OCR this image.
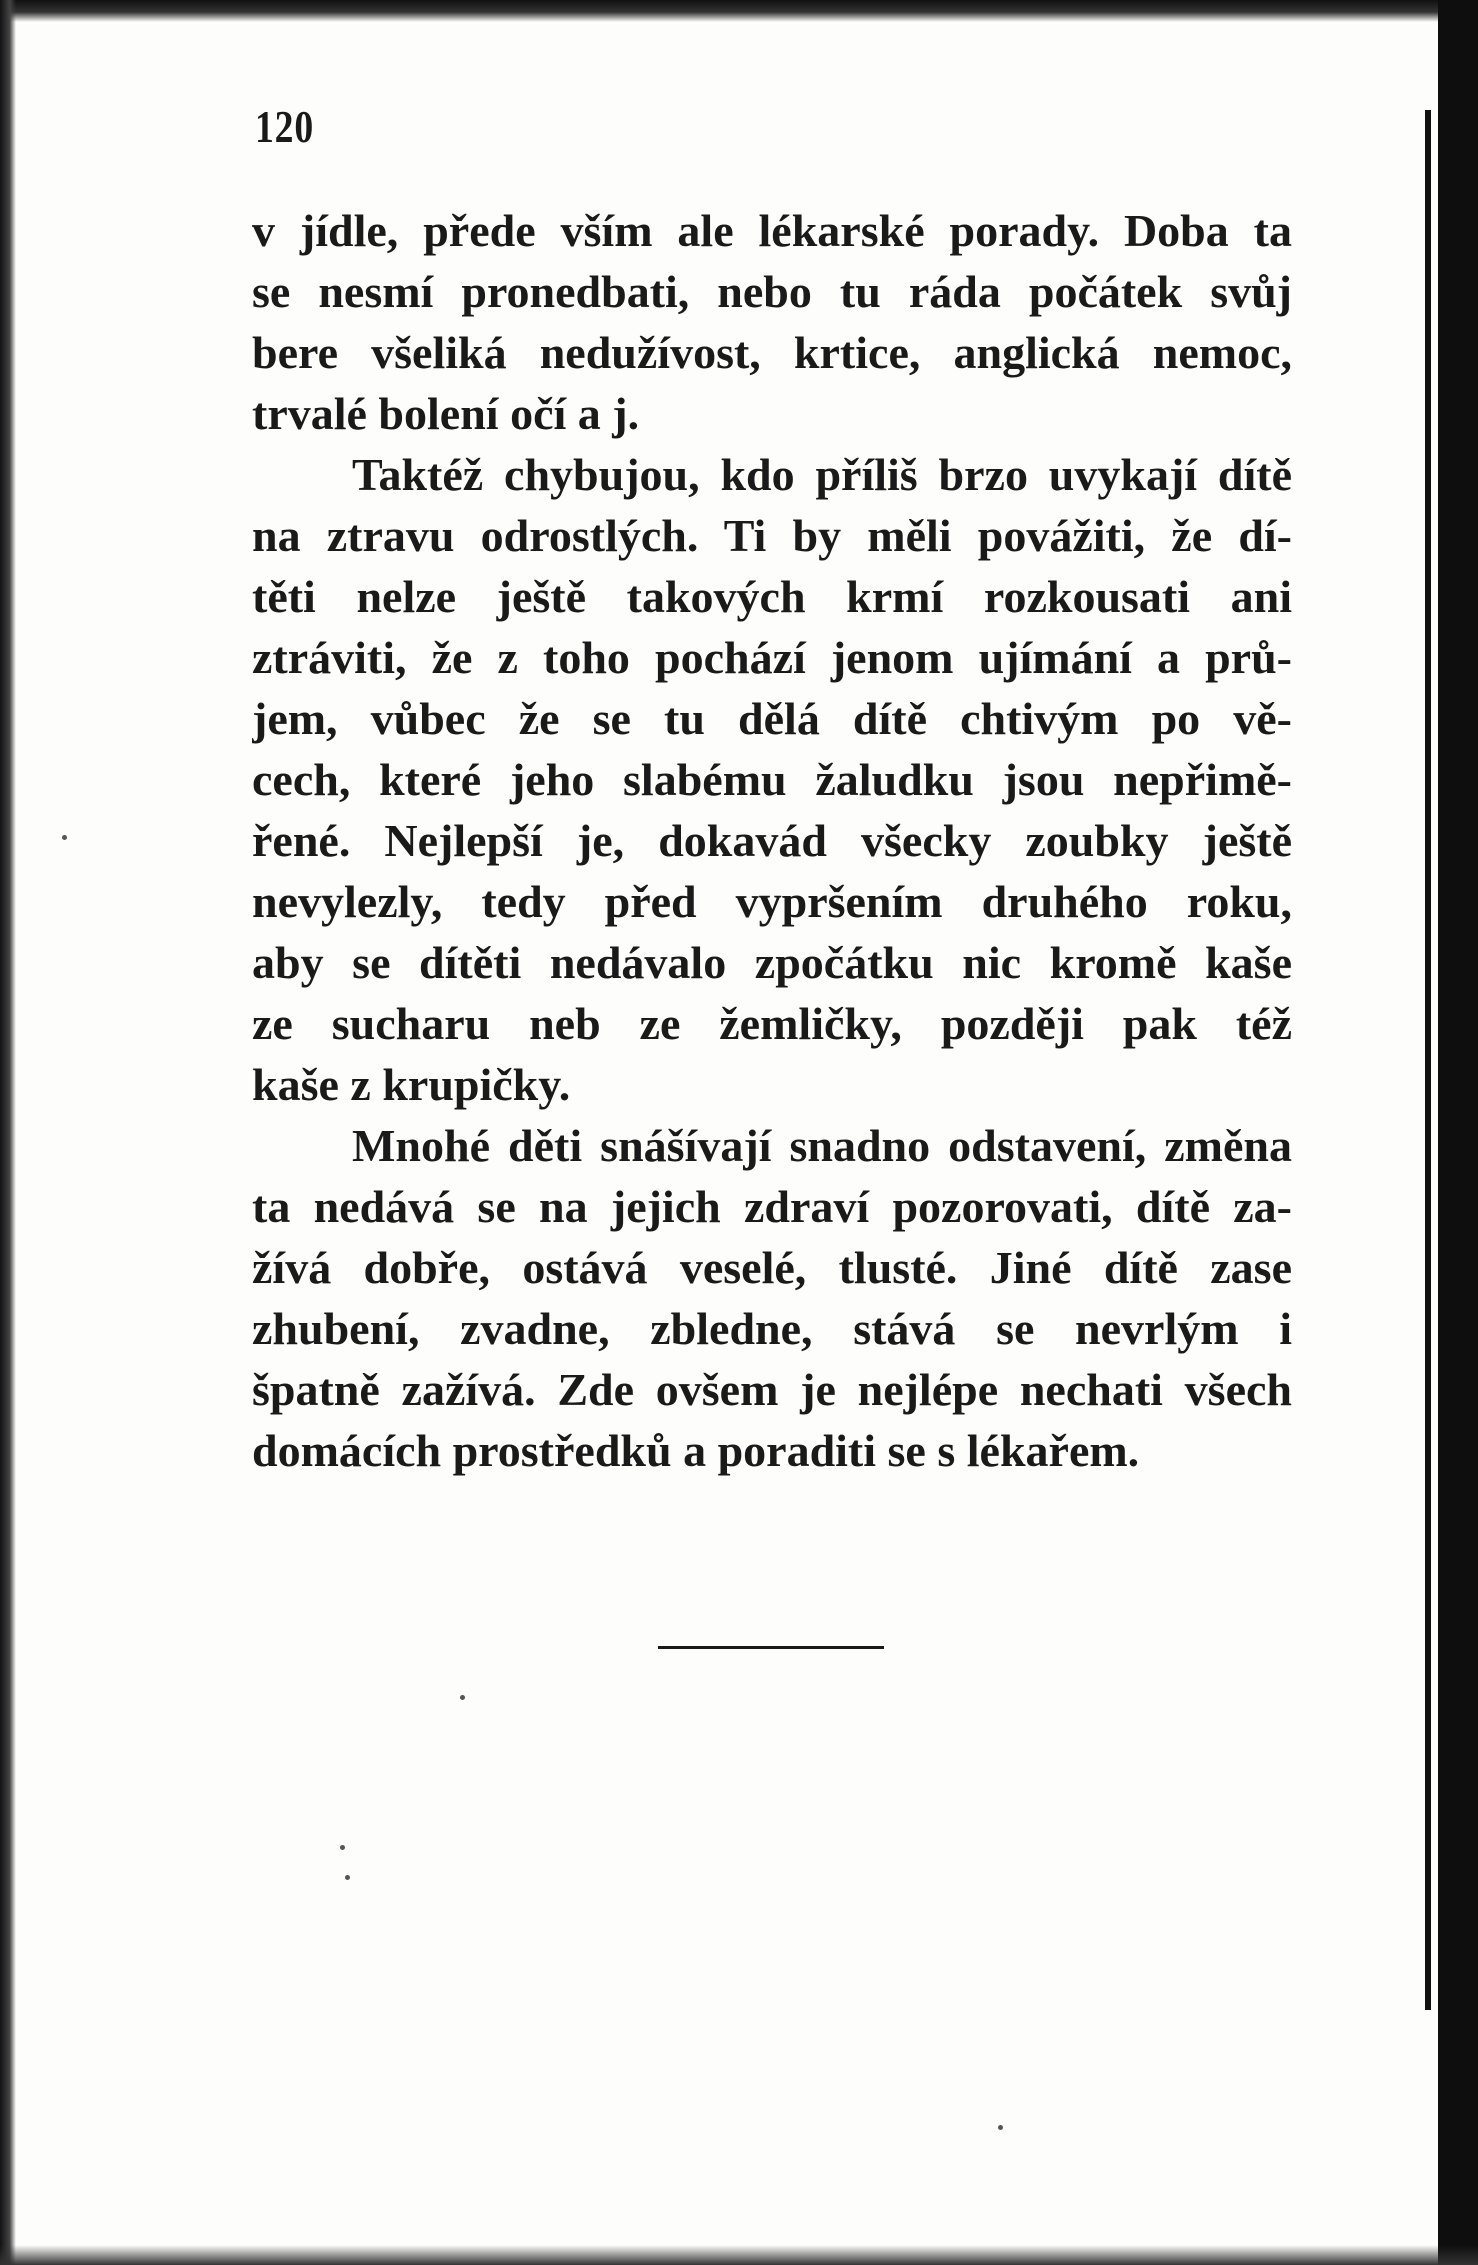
120
v jídle, přede vším ale lékarské porady. Doba ta
se nesmí pronedbati, nebo tu ráda počátek svůj
bere všeliká nedužívost, krtice, anglická nemoc,
trvalé bolení očí a j.
Taktéž chybujou, kdo příliš brzo uvykají dítě
na ztravu odrostlých. Ti by měli povážiti, že dí-
těti nelze ještě takových krmí rozkousati ani
ztráviti, že z toho pochází jenom ujímání a prů-
jem, vůbec že se tu dělá dítě chtivým po vě-
cech, které jeho slabému žaludku jsou nepřimě-
řené. Nejlepší je, dokavád všecky zoubky ještě
nevylezly, tedy před vypršením druhého roku,
aby se dítěti nedávalo zpočátku nic kromě kaše
ze sucharu neb ze žemličky, později pak též
kaše z krupičky.
Mnohé děti snášívají snadno odstavení, změna
ta nedává se na jejich zdraví pozorovati, dítě za-
žívá dobře, ostává veselé, tlusté. Jiné dítě zase
zhubení, zvadne, zbledne, stává se nevrlým i
špatně zažívá. Zde ovšem je nejlépe nechati všech
domácích prostředků a poraditi se s lékařem.
